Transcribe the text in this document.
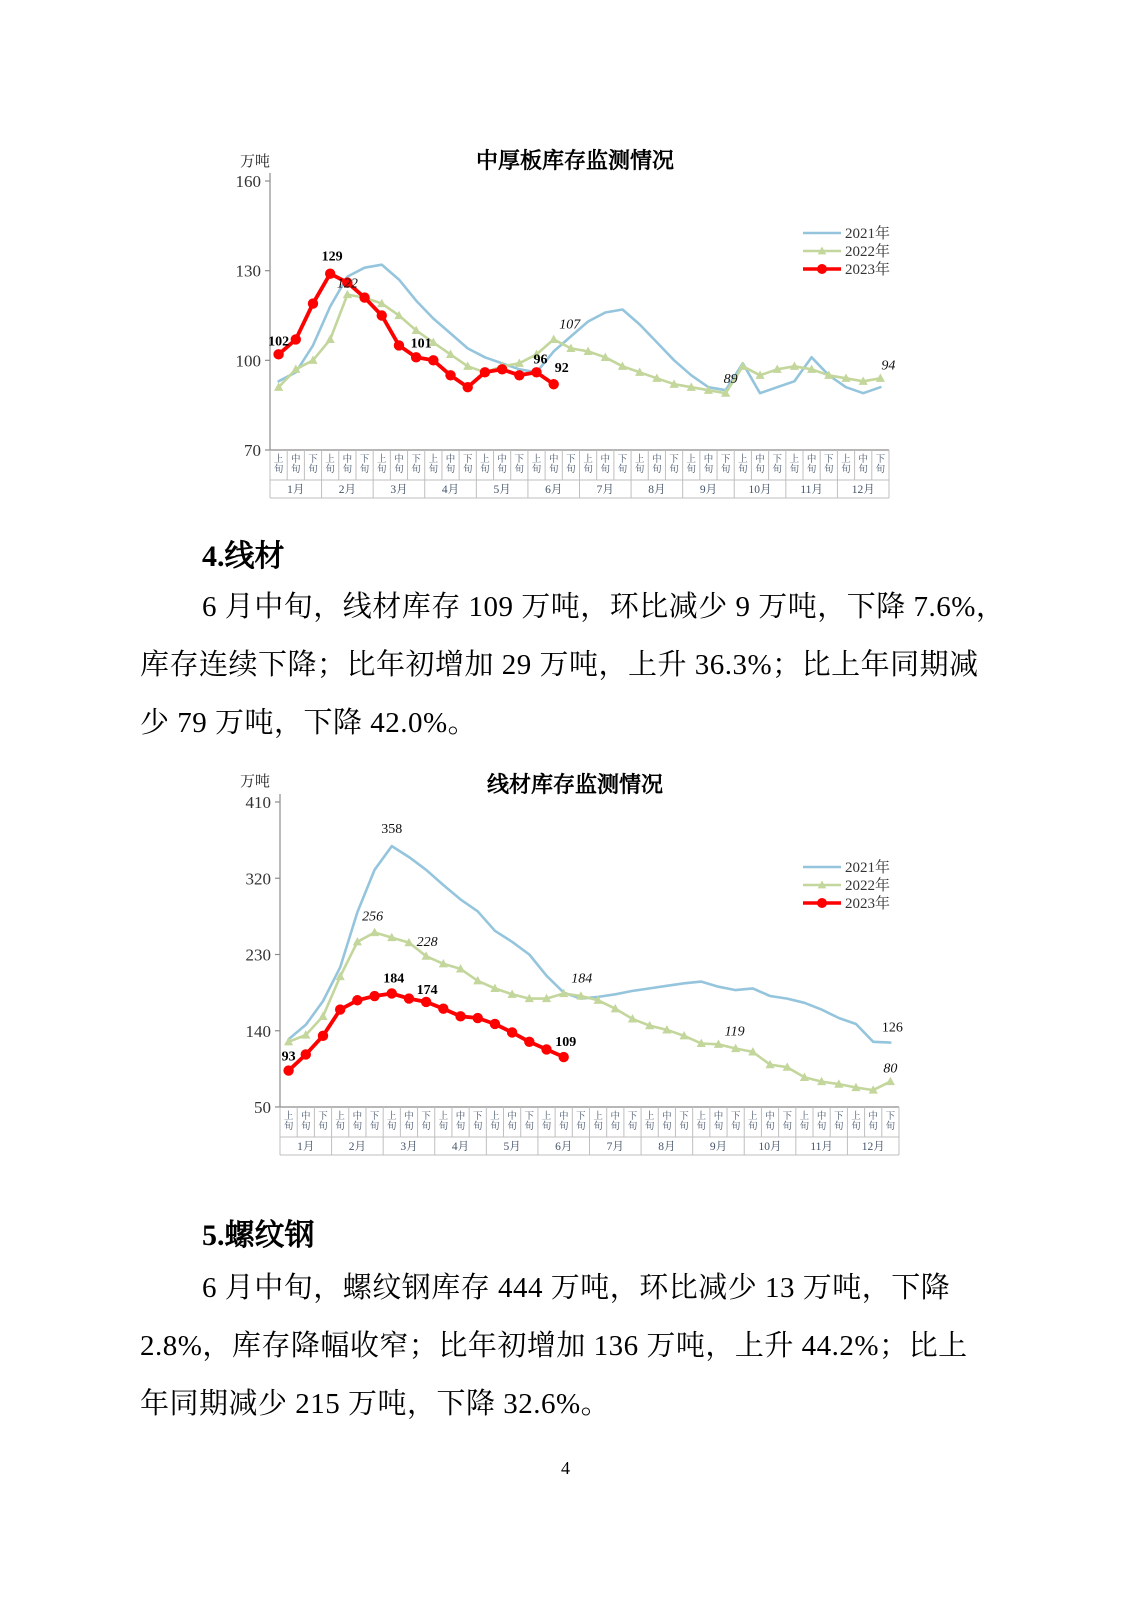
中厚板库存监测情况
万吨
70
100
130
160
上旬
中旬
下旬
1月
上旬
中旬
下旬
2月
上旬
中旬
下旬
3月
上旬
中旬
下旬
4月
上旬
中旬
下旬
5月
上旬
中旬
下旬
6月
上旬
中旬
下旬
7月
上旬
中旬
下旬
8月
上旬
中旬
下旬
9月
上旬
中旬
下旬
10月
上旬
中旬
下旬
11月
上旬
中旬
下旬
12月
102
129
122
101
107
96
92
89
94
2021年
2022年
2023年
4.线材
6 月中旬，线材库存 109 万吨，环比减少 9 万吨，下降 7.6%，
库存连续下降；比年初增加 29 万吨，上升 36.3%；比上年同期减
少 79 万吨，下降 42.0%。
线材库存监测情况
万吨
50
140
230
320
410
上旬
中旬
下旬
1月
上旬
中旬
下旬
2月
上旬
中旬
下旬
3月
上旬
中旬
下旬
4月
上旬
中旬
下旬
5月
上旬
中旬
下旬
6月
上旬
中旬
下旬
7月
上旬
中旬
下旬
8月
上旬
中旬
下旬
9月
上旬
中旬
下旬
10月
上旬
中旬
下旬
11月
上旬
中旬
下旬
12月
93
358
256
228
184
174
184
109
119	126
80
2021年
2022年
2023年
5.螺纹钢
6 月中旬，螺纹钢库存 444 万吨，环比减少 13 万吨，下降
2.8%，库存降幅收窄；比年初增加 136 万吨，上升 44.2%；比上
年同期减少 215 万吨，下降 32.6%。
4
